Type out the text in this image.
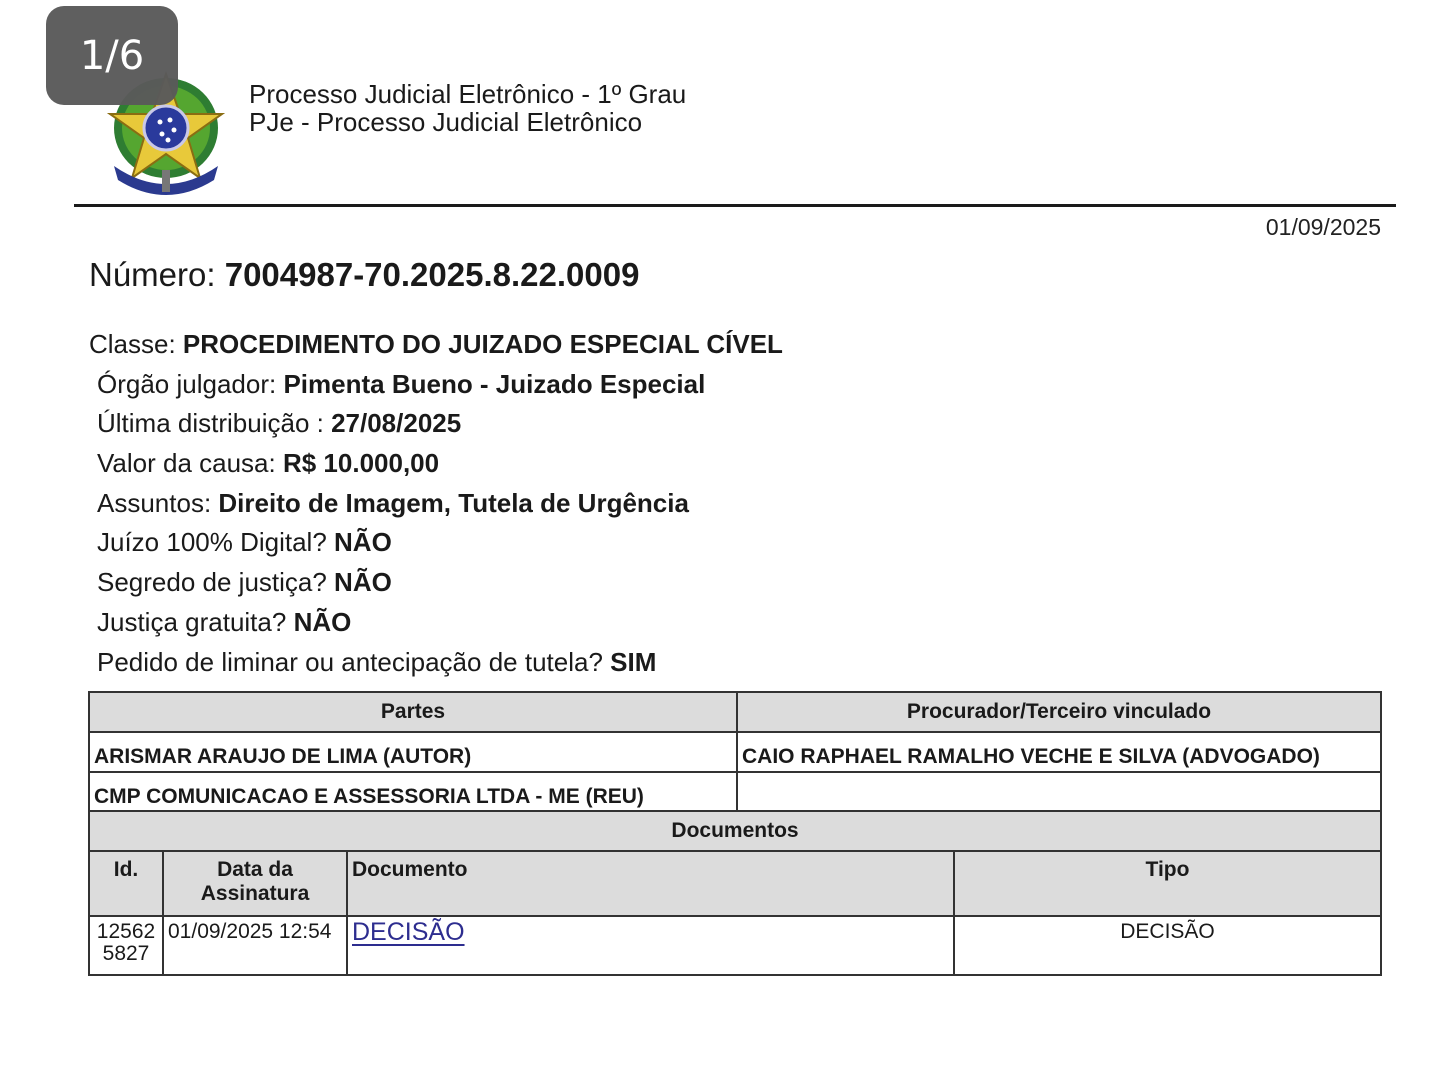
1/6
Processo Judicial Eletrônico - 1º Grau
PJe - Processo Judicial Eletrônico
01/09/2025
Número: 7004987-70.2025.8.22.0009
Classe: PROCEDIMENTO DO JUIZADO ESPECIAL CÍVEL
Órgão julgador: Pimenta Bueno - Juizado Especial
Última distribuição : 27/08/2025
Valor da causa: R$ 10.000,00
Assuntos: Direito de Imagem, Tutela de Urgência
Juízo 100% Digital? NÃO
Segredo de justiça? NÃO
Justiça gratuita? NÃO
Pedido de liminar ou antecipação de tutela? SIM
Partes	Procurador/Terceiro vinculado
ARISMAR ARAUJO DE LIMA (AUTOR)	CAIO RAPHAEL RAMALHO VECHE E SILVA (ADVOGADO)
CMP COMUNICACAO E ASSESSORIA LTDA - ME (REU)	
Documentos			
Id.	Data da Assinatura	Documento	Tipo

12562
5827	01/09/2025 12:54	DECISÃO	DECISÃO
